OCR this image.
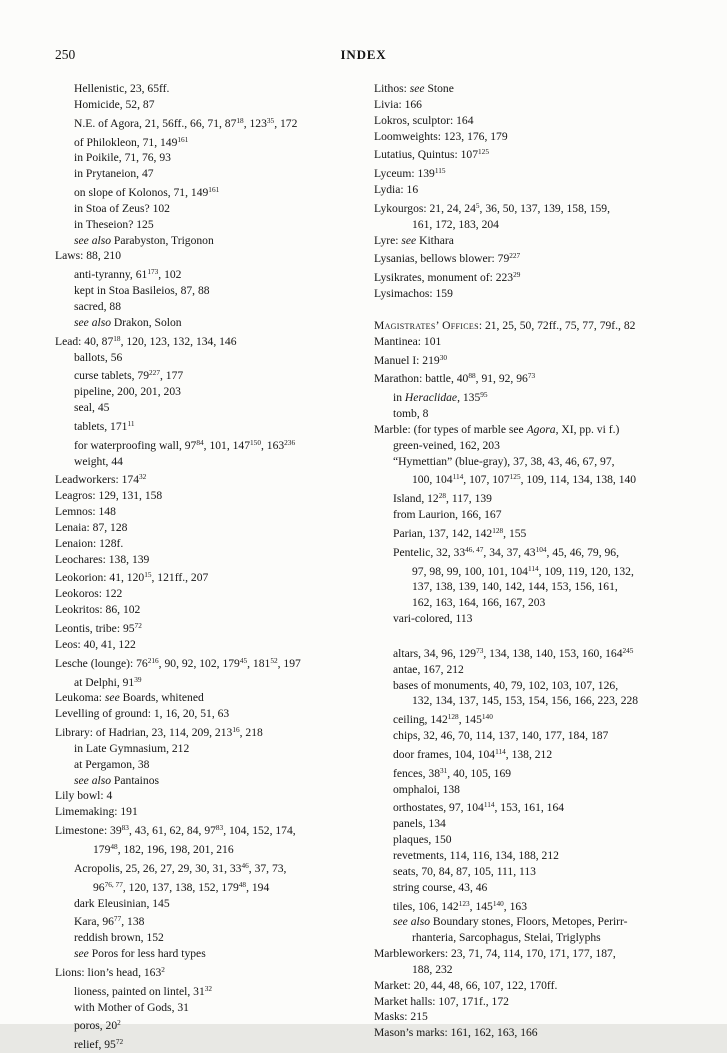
250	INDEX
Hellenistic, 23, 65ff.
Homicide, 52, 87
N.E. of Agora, 21, 56ff., 66, 71, $87^{18}$, $123^{35}$, 172
of Philokleon, 71, $149^{161}$
in Poikile, 71, 76, 93
in Prytaneion, 47
on slope of Kolonos, 71, $149^{161}$
in Stoa of Zeus? 102
in Theseion? 125
see also Parabyston, Trigonon
Laws: 88, 210
anti-tyranny, $61^{173}$, 102
kept in Stoa Basileios, 87, 88
sacred, 88
see also Drakon, Solon
Lead: 40, $87^{18}$, 120, 123, 132, 134, 146
ballots, 56
curse tablets, $79^{227}$, 177
pipeline, 200, 201, 203
seal, 45
tablets, $171^{11}$
for waterproofing wall, $97^{84}$, 101, $147^{150}$, $163^{236}$
weight, 44
Leadworkers: $174^{32}$
Leagros: 129, 131, 158
Lemnos: 148
Lenaia: 87, 128
Lenaion: 128f.
Leochares: 138, 139
Leokorion: 41, $120^{15}$, 121ff., 207
Leokoros: 122
Leokritos: 86, 102
Leontis, tribe: $95^{72}$
Leos: 40, 41, 122
Lesche (lounge): $76^{216}$, 90, 92, 102, $179^{45}$, $181^{52}$, 197
at Delphi, $91^{39}$
Leukoma: see Boards, whitened
Levelling of ground: 1, 16, 20, 51, 63
Library: of Hadrian, 23, 114, 209, $213^{16}$, 218
in Late Gymnasium, 212
at Pergamon, 38
see also Pantainos
Lily bowl: 4
Limemaking: 191
Limestone: $39^{83}$, 43, 61, 62, 84, $97^{83}$, 104, 152, 174,
$179^{48}$, 182, 196, 198, 201, 216
Acropolis, 25, 26, 27, 29, 30, 31, $33^{46}$, 37, 73,
96$^{76, 77}$, 120, 137, 138, 152, $179^{48}$, 194
dark Eleusinian, 145
Kara, $96^{77}$, 138
reddish brown, 152
see Poros for less hard types
Lions: lion’s head, $163^2$
lioness, painted on lintel, $31^{32}$
with Mother of Gods, 31
poros, $20^2$
relief, $95^{72}$
Lithos: see Stone
Livia: 166
Lokros, sculptor: 164
Loomweights: 123, 176, 179
Lutatius, Quintus: $107^{125}$
Lyceum: $139^{115}$
Lydia: 16
Lykourgos: 21, 24, $24^5$, 36, 50, 137, 139, 158, 159,
161, 172, 183, 204
Lyre: see Kithara
Lysanias, bellows blower: $79^{227}$
Lysikrates, monument of: $223^{29}$
Lysimachos: 159
Magistrates’ Offices: 21, 25, 50, 72ff., 75, 77, 79f., 82
Mantinea: 101
Manuel I: $219^{30}$
Marathon: battle, $40^{88}$, 91, 92, $96^{73}$
in Heraclidae, $135^{95}$
tomb, 8
Marble: (for types of marble see Agora, XI, pp. vi f.)
green-veined, 162, 203
“Hymettian” (blue-gray), 37, 38, 43, 46, 67, 97,
100, $104^{114}$, 107, $107^{125}$, 109, 114, 134, 138, 140
Island, $12^{28}$, 117, 139
from Laurion, 166, 167
Parian, 137, 142, $142^{128}$, 155
Pentelic, 32, 33$^{46, 47}$, 34, 37, $43^{104}$, 45, 46, 79, 96,
97, 98, 99, 100, 101, $104^{114}$, 109, 119, 120, 132,
137, 138, 139, 140, 142, 144, 153, 156, 161,
162, 163, 164, 166, 167, 203
vari-colored, 113
altars, 34, 96, $129^{73}$, 134, 138, 140, 153, 160, $164^{245}$
antae, 167, 212
bases of monuments, 40, 79, 102, 103, 107, 126,
132, 134, 137, 145, 153, 154, 156, 166, 223, 228
ceiling, $142^{128}$, $145^{140}$
chips, 32, 46, 70, 114, 137, 140, 177, 184, 187
door frames, 104, $104^{114}$, 138, 212
fences, $38^{31}$, 40, 105, 169
omphaloi, 138
orthostates, 97, $104^{114}$, 153, 161, 164
panels, 134
plaques, 150
revetments, 114, 116, 134, 188, 212
seats, 70, 84, 87, 105, 111, 113
string course, 43, 46
tiles, 106, $142^{123}$, $145^{140}$, 163
see also Boundary stones, Floors, Metopes, Perirr-
rhanteria, Sarcophagus, Stelai, Triglyphs
Marbleworkers: 23, 71, 74, 114, 170, 171, 177, 187,
188, 232
Market: 20, 44, 48, 66, 107, 122, 170ff.
Market halls: 107, 171f., 172
Masks: 215
Mason’s marks: 161, 162, 163, 166
